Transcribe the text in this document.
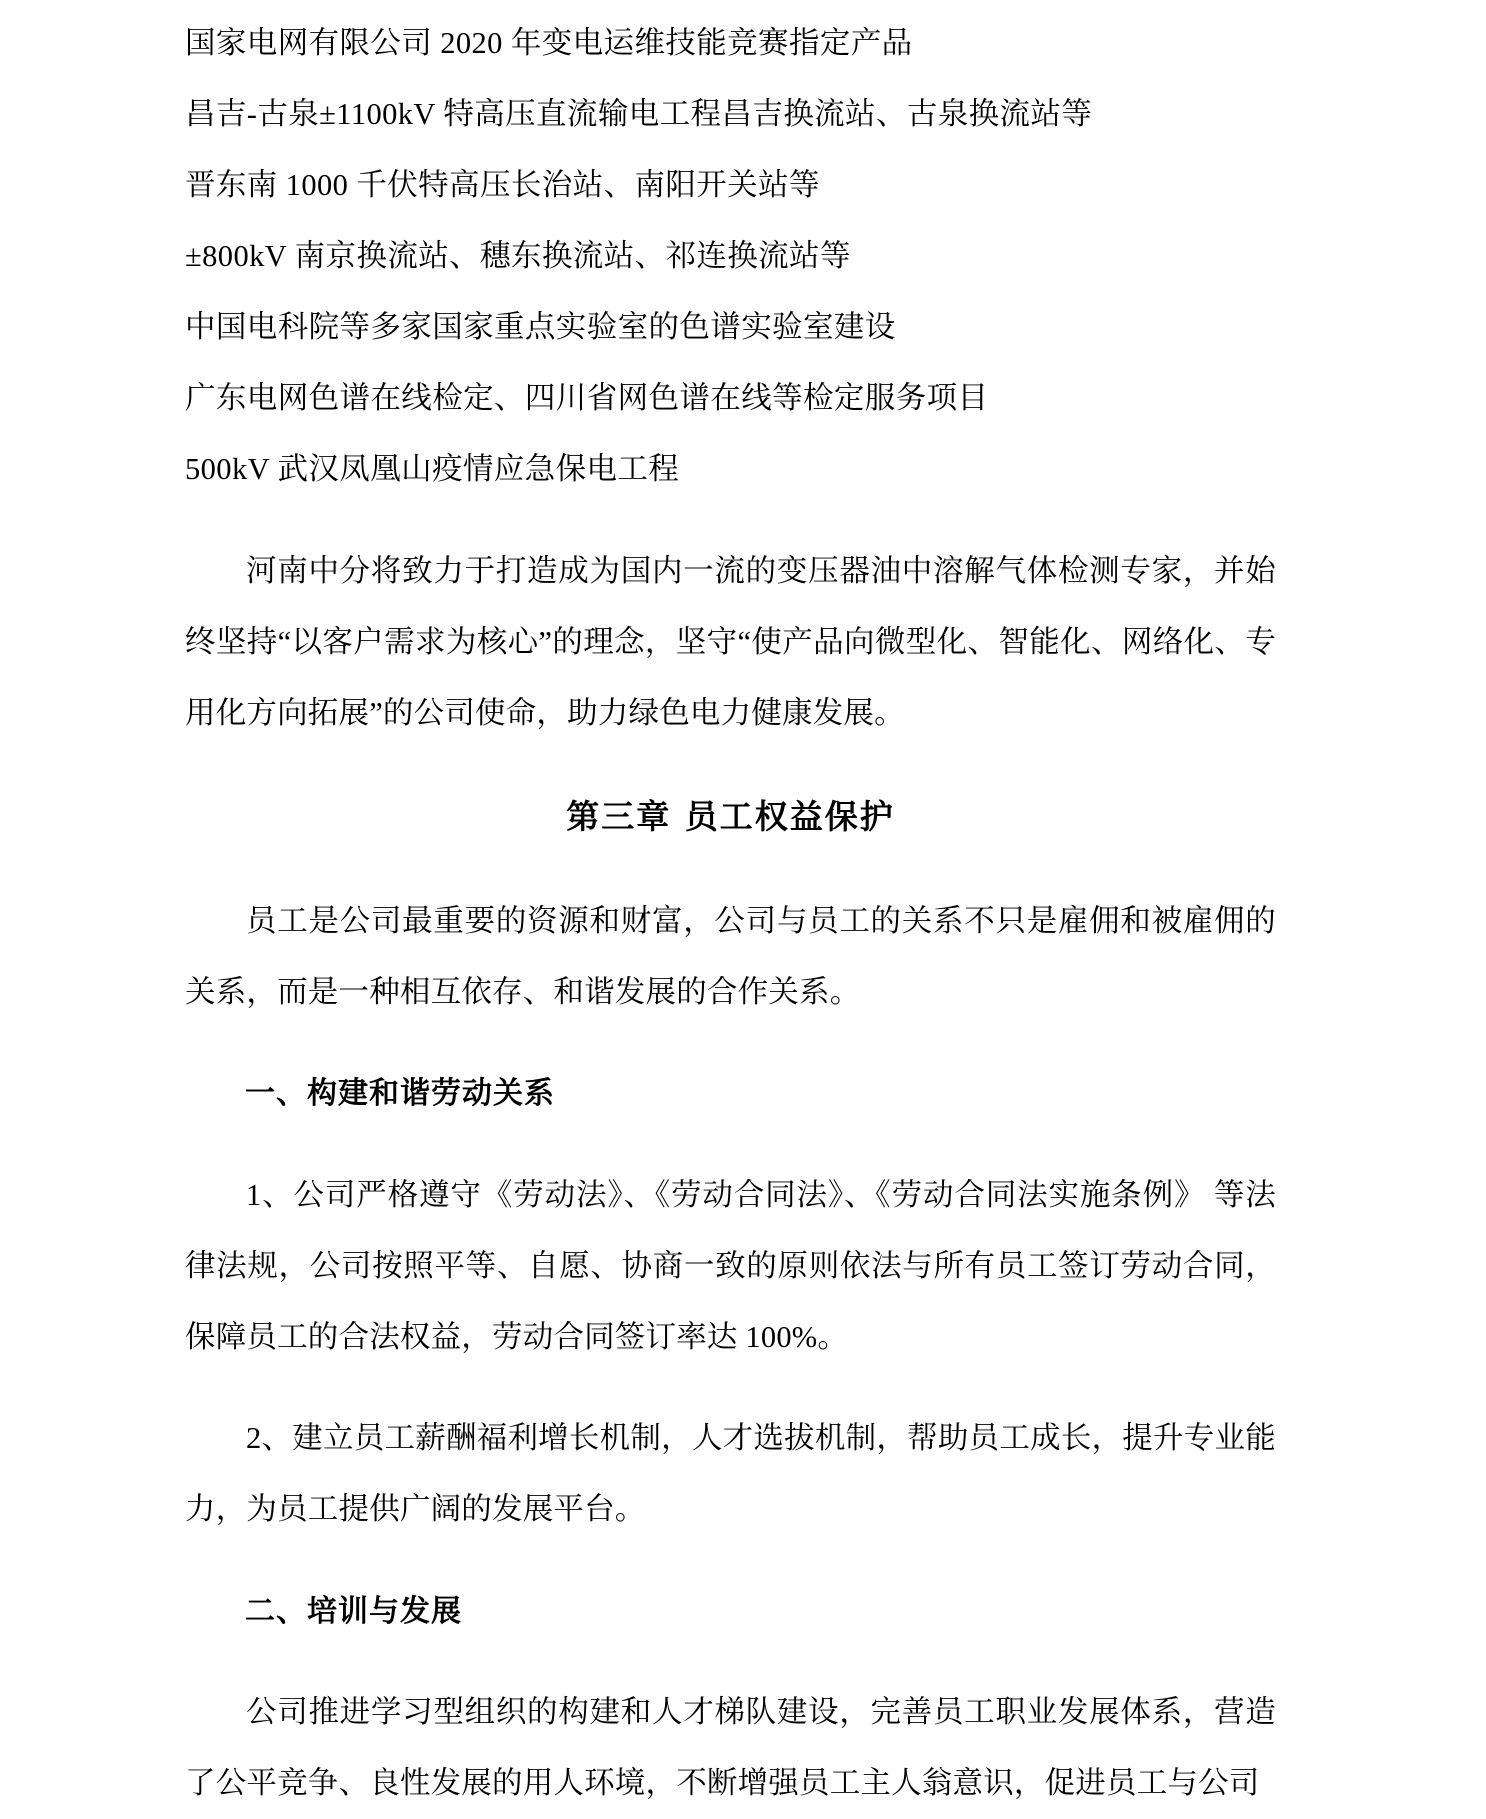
国家电网有限公司 2020 年变电运维技能竞赛指定产品
昌吉-古泉±1100kV 特高压直流输电工程昌吉换流站、古泉换流站等
晋东南 1000 千伏特高压长治站、南阳开关站等
±800kV 南京换流站、穗东换流站、祁连换流站等
中国电科院等多家国家重点实验室的色谱实验室建设
广东电网色谱在线检定、四川省网色谱在线等检定服务项目
500kV 武汉凤凰山疫情应急保电工程

河南中分将致力于打造成为国内一流的变压器油中溶解气体检测专家，并始终坚持“以客户需求为核心”的理念，坚守“使产品向微型化、智能化、网络化、专用化方向拓展”的公司使命，助力绿色电力健康发展。

第三章 员工权益保护

员工是公司最重要的资源和财富，公司与员工的关系不只是雇佣和被雇佣的关系，而是一种相互依存、和谐发展的合作关系。

一、构建和谐劳动关系

1、公司严格遵守《劳动法》、《劳动合同法》、《劳动合同法实施条例》 等法律法规，公司按照平等、自愿、协商一致的原则依法与所有员工签订劳动合同，保障员工的合法权益，劳动合同签订率达 100%。

2、建立员工薪酬福利增长机制，人才选拔机制，帮助员工成长，提升专业能力，为员工提供广阔的发展平台。

二、培训与发展

公司推进学习型组织的构建和人才梯队建设，完善员工职业发展体系，营造了公平竞争、良性发展的用人环境，不断增强员工主人翁意识，促进员工与公司
